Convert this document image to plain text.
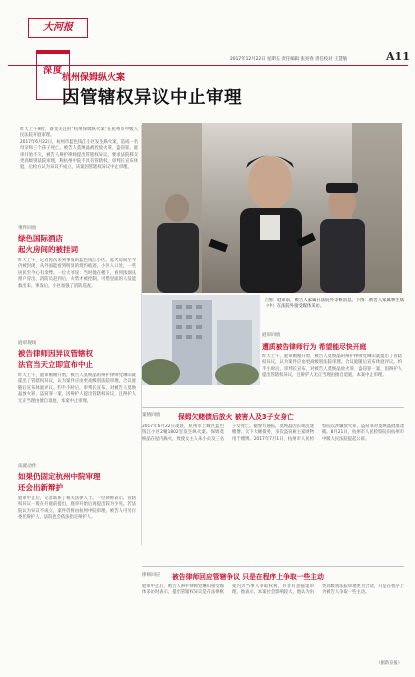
大河报
深度
2017年12月22日 星期五 责任编辑 张亮春 责任校对 王慧敏	A11
杭州保姆纵火案
因管辖权异议中止审理
昨天上午9时，备受关注的“杭州保姆纵火案”在杭州市中级人民法院开庭审理。
2017年6月22日，杭州市蓝色钱江小区发生纵火案，造成一名母亲和三个孩子死亡。被告人莫焕晶被控放火罪、盗窃罪。庭审开始不久，被告人辩护律师提出管辖权异议，要求法院移交更高级别法院审理，称杭州中院不具有管辖权。审判长宣布休庭，后检方认为异议不成立，该案因管辖权异议中止审理。
事件回放
绿色国际酒店
起火房间的被挂词
昨天上午，记者再次来到事发的蓝色钱江小区。起火房间至今仍被封闭，从外面能看到明显的烧灼痕迹。小区人口处，一些居民至今心有余悸。一位大爷说：当时他在楼下，看到浓烟从窗户冒出，消防员赶到后，火势才被控制，可惜里面的人没能救出来。事发后，小区加强了消防巡查。
庭审现场
被告律师因异议管辖权
法官当天立即宣布中止
昨天上午，庭审刚刚开始，被告人莫焕晶的辩护律师党琳山就提出了管辖权异议，认为案件应由更高级别法院审理。合议庭随后宣布休庭评议。约半小时后，审判长宣布，对被告人莫焕晶放火罪、盗窃罪一案，因辩护人提出管辖权异议，且辩护人无正当理由擅自退庭，本案中止审理。
法庭动作
如果仍固定杭州中院审理
还会出新辩护
庭审中止后，记者联系了相关法律人士。一位律师表示，管辖权异议一般在开庭前提出，庭审开始后再提出较为少见。若法院认为异议不成立，案件仍将由杭州中院审理，被告人可另行委托辩护人，法院也会依法指定辩护人。
上图：庭审前，被告人家属在法院外等候消息。下图：被害人家属林生斌（中）在法院外接受媒体采访。
庭审回放
遭质被告律师行为 希望能尽快开庭
昨天上午，庭审刚刚开始，被告人莫焕晶的辩护律师党琳山就提出了管辖权异议，认为案件应由更高级别法院审理。合议庭随后宣布休庭评议。约半小时后，审判长宣布，对被告人莫焕晶放火罪、盗窃罪一案，因辩护人提出管辖权异议，且辩护人无正当理由擅自退庭，本案中止审理。
案情回放	保姆欠赌债后放火 被害人及3子女身亡
2017年6月22日凌晨，杭州市上城区蓝色钱江小区2幢1802室发生纵火案。保姆莫焕晶在屋内纵火，致使女主人朱小贞及三名子女死亡。据警方通报，莫焕晶因长期沉迷赌博，欠下大额债务，多次盗窃雇主家财物用于赌博。2017年7月1日，杭州市人民检察院以涉嫌放火罪、盗窃罪对莫焕晶批准逮捕。8月21日，杭州市人民检察院向杭州市中级人民法院提起公诉。
律师回应 被告律师回应管辖争议 只是在程序上争取一些主动
庭审中止后，被告人辩护律师党琳山接受媒体采访时表示，提出管辖权异议是在法律框架内为当事人争取权利，并非有意拖延审理。他表示，本案社会影响较大，他认为由更高级别法院审理更为合适，只是在程序上为被告人争取一些主动。
（据新京报）
